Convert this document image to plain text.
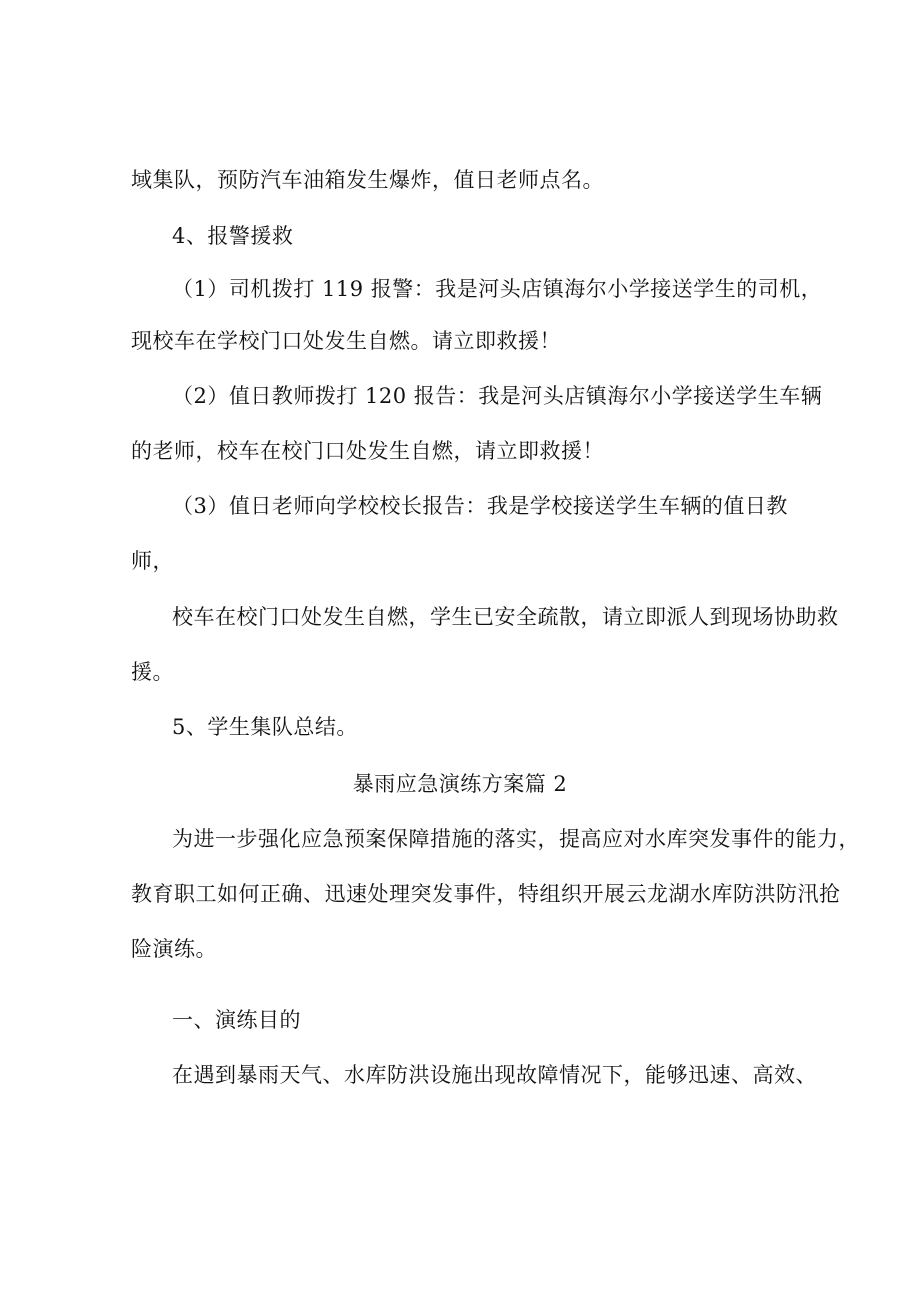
域集队，预防汽车油箱发生爆炸，值日老师点名。
4、报警援救
（1）司机拨打 119 报警：我是河头店镇海尔小学接送学生的司机，
现校车在学校门口处发生自燃。请立即救援！
（2）值日教师拨打 120 报告：我是河头店镇海尔小学接送学生车辆
的老师，校车在校门口处发生自燃，请立即救援！
（3）值日老师向学校校长报告：我是学校接送学生车辆的值日教
师，
校车在校门口处发生自燃，学生已安全疏散，请立即派人到现场协助救
援。
5、学生集队总结。
暴雨应急演练方案篇 2
为进一步强化应急预案保障措施的落实，提高应对水库突发事件的能力，
教育职工如何正确、迅速处理突发事件，特组织开展云龙湖水库防洪防汛抢
险演练。
一、演练目的
在遇到暴雨天气、水库防洪设施出现故障情况下，能够迅速、高效、
